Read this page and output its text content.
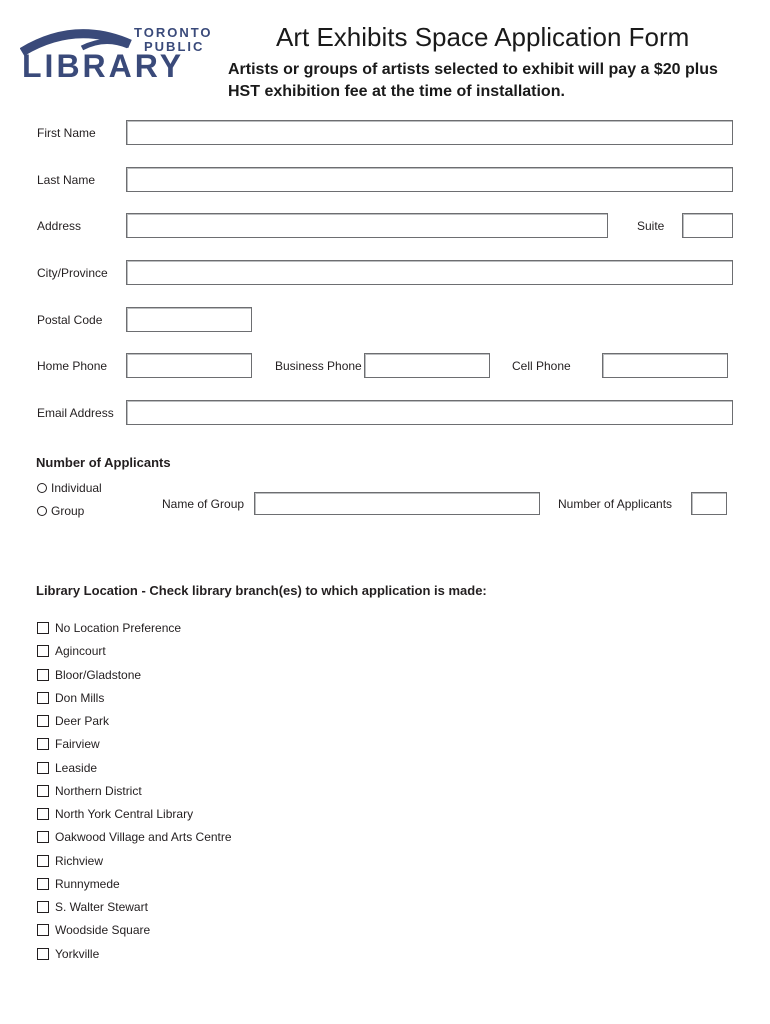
TORONTO
PUBLIC
LIBRARY
Art Exhibits Space Application Form
Artists or groups of artists selected to exhibit will pay a $20 plus HST exhibition fee at the time of installation.
First Name
Last Name
Address	Suite
City/Province
Postal Code
Home Phone	Business Phone	Cell Phone
Email Address
Number of Applicants
Individual
Group	Name of Group	Number of Applicants
Library Location - Check library branch(es) to which application is made:
No Location Preference
Agincourt
Bloor/Gladstone
Don Mills
Deer Park
Fairview
Leaside
Northern District
North York Central Library
Oakwood Village and Arts Centre
Richview
Runnymede
S. Walter Stewart
Woodside Square
Yorkville
